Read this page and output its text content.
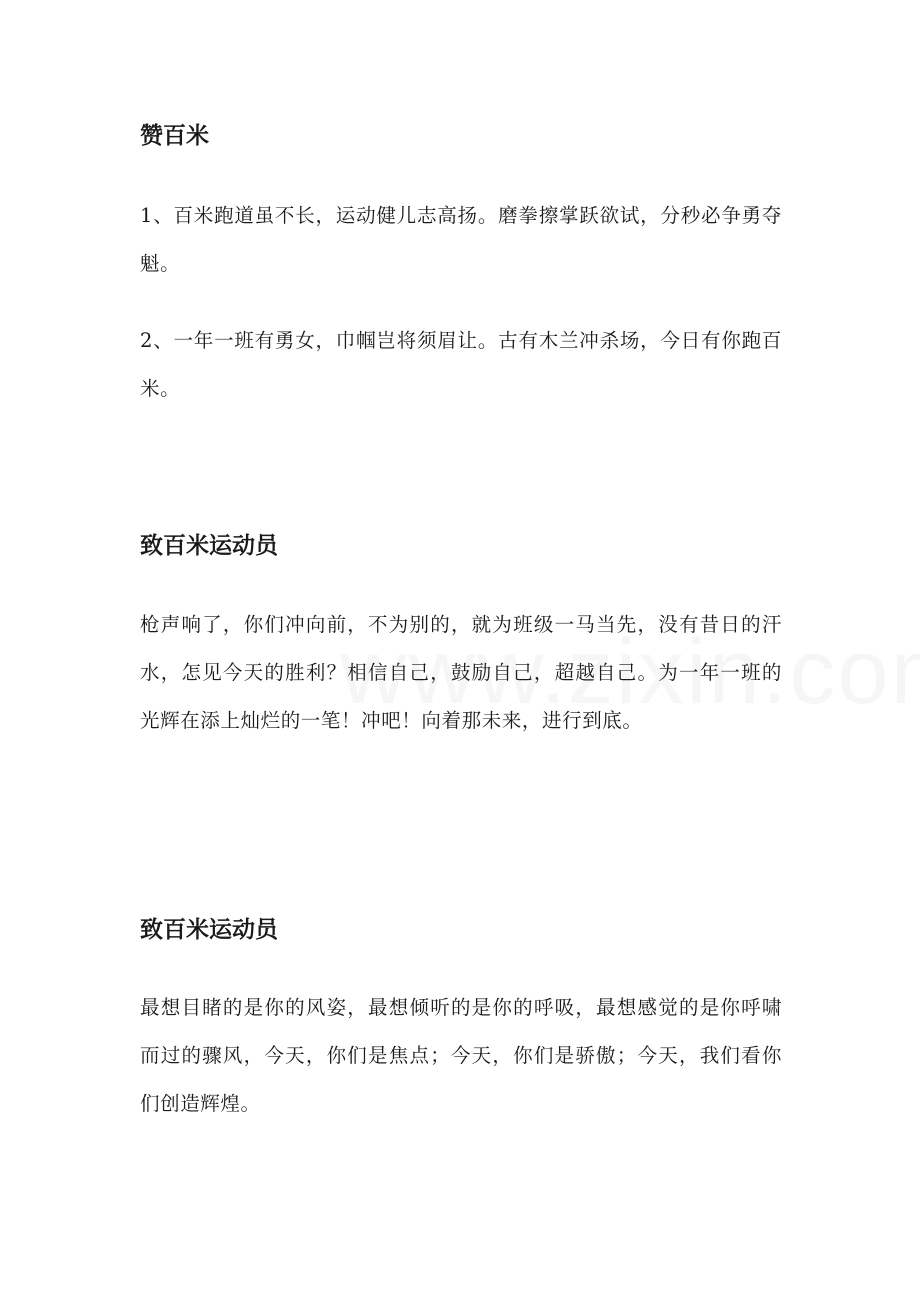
赞百米

1、百米跑道虽不长，运动健儿志高扬。磨拳擦掌跃欲试，分秒必争勇夺魁。

2、一年一班有勇女，巾帼岂将须眉让。古有木兰冲杀场，今日有你跑百米。

致百米运动员

枪声响了，你们冲向前，不为别的，就为班级一马当先，没有昔日的汗水，怎见今天的胜利？相信自己，鼓励自己，超越自己。为一年一班的光辉在添上灿烂的一笔！冲吧！向着那未来，进行到底。

致百米运动员

最想目睹的是你的风姿，最想倾听的是你的呼吸，最想感觉的是你呼啸而过的骤风，今天，你们是焦点；今天，你们是骄傲；今天，我们看你们创造辉煌。
